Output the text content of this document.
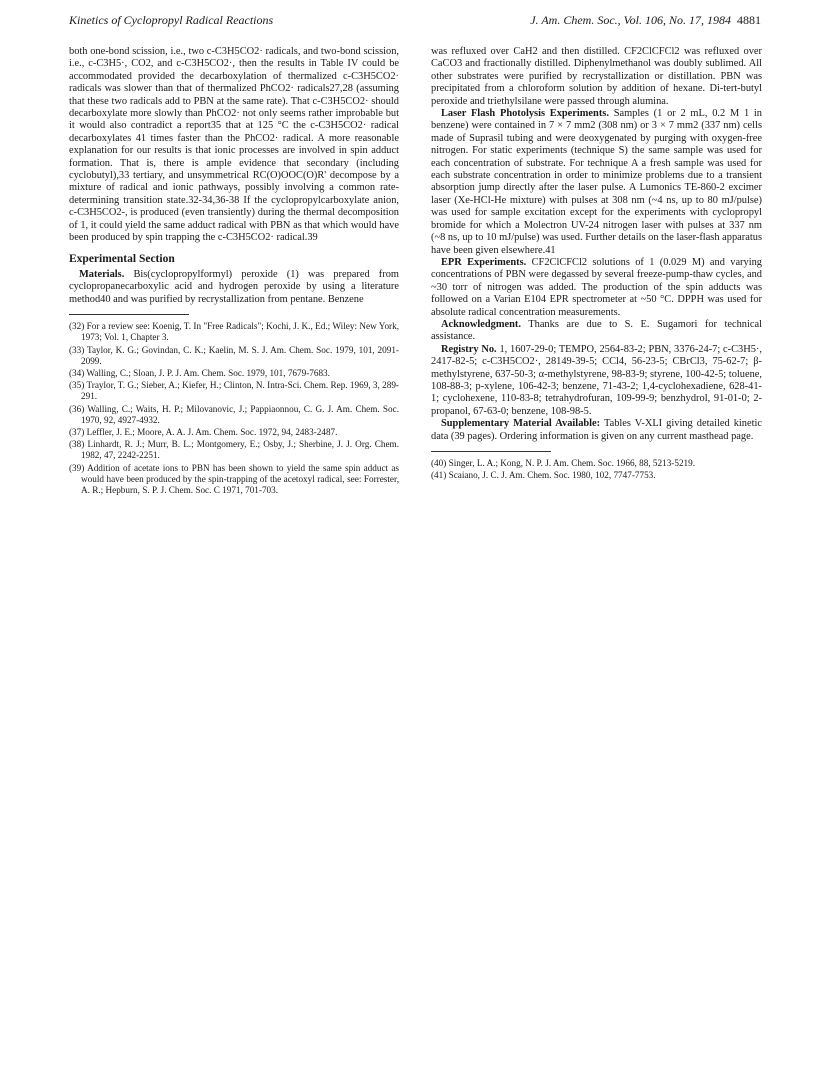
Kinetics of Cyclopropyl Radical Reactions	J. Am. Chem. Soc., Vol. 106, No. 17, 1984 4881

both one-bond scission, i.e., two c-C3H5CO2· radicals, and two-bond scission, i.e., c-C3H5·, CO2, and c-C3H5CO2·, then the results in Table IV could be accommodated provided the decarboxylation of thermalized c-C3H5CO2· radicals was slower than that of thermalized PhCO2· radicals27,28 (assuming that these two radicals add to PBN at the same rate). That c-C3H5CO2· should decarboxylate more slowly than PhCO2· not only seems rather improbable but it would also contradict a report35 that at 125 °C the c-C3H5CO2· radical decarboxylates 41 times faster than the PhCO2· radical. A more reasonable explanation for our results is that ionic processes are involved in spin adduct formation. That is, there is ample evidence that secondary (including cyclobutyl),33 tertiary, and unsymmetrical RC(O)OOC(O)R' decompose by a mixture of radical and ionic pathways, possibly involving a common rate-determining transition state.32-34,36-38 If the cyclopropylcarboxylate anion, c-C3H5CO2-, is produced (even transiently) during the thermal decomposition of 1, it could yield the same adduct radical with PBN as that which would have been produced by spin trapping the c-C3H5CO2· radical.39

Experimental Section

Materials. Bis(cyclopropylformyl) peroxide (1) was prepared from cyclopropanecarboxylic acid and hydrogen peroxide by using a literature method40 and was purified by recrystallization from pentane. Benzene

(32) For a review see: Koenig, T. In "Free Radicals"; Kochi, J. K., Ed.; Wiley: New York, 1973; Vol. 1, Chapter 3.
(33) Taylor, K. G.; Govindan, C. K.; Kaelin, M. S. J. Am. Chem. Soc. 1979, 101, 2091-2099.
(34) Walling, C.; Sloan, J. P. J. Am. Chem. Soc. 1979, 101, 7679-7683.
(35) Traylor, T. G.; Sieber, A.; Kiefer, H.; Clinton, N. Intra-Sci. Chem. Rep. 1969, 3, 289-291.
(36) Walling, C.; Waits, H. P.; Milovanovic, J.; Pappiaonnou, C. G. J. Am. Chem. Soc. 1970, 92, 4927-4932.
(37) Leffler, J. E.; Moore, A. A. J. Am. Chem. Soc. 1972, 94, 2483-2487.
(38) Linhardt, R. J.; Murr, B. L.; Montgomery, E.; Osby, J.; Sherbine, J. J. Org. Chem. 1982, 47, 2242-2251.
(39) Addition of acetate ions to PBN has been shown to yield the same spin adduct as would have been produced by the spin-trapping of the acetoxyl radical, see: Forrester, A. R.; Hepburn, S. P. J. Chem. Soc. C 1971, 701-703.

was refluxed over CaH2 and then distilled. CF2ClCFCl2 was refluxed over CaCO3 and fractionally distilled. Diphenylmethanol was doubly sublimed. All other substrates were purified by recrystallization or distillation. PBN was precipitated from a chloroform solution by addition of hexane. Di-tert-butyl peroxide and triethylsilane were passed through alumina.

Laser Flash Photolysis Experiments. Samples (1 or 2 mL, 0.2 M 1 in benzene) were contained in 7 × 7 mm2 (308 nm) or 3 × 7 mm2 (337 nm) cells made of Suprasil tubing and were deoxygenated by purging with oxygen-free nitrogen. For static experiments (technique S) the same sample was used for each concentration of substrate. For technique A a fresh sample was used for each substrate concentration in order to minimize problems due to a transient absorption jump directly after the laser pulse. A Lumonics TE-860-2 excimer laser (Xe-HCl-He mixture) with pulses at 308 nm (~4 ns, up to 80 mJ/pulse) was used for sample excitation except for the experiments with cyclopropyl bromide for which a Molectron UV-24 nitrogen laser with pulses at 337 nm (~8 ns, up to 10 mJ/pulse) was used. Further details on the laser-flash apparatus have been given elsewhere.41

EPR Experiments. CF2ClCFCl2 solutions of 1 (0.029 M) and varying concentrations of PBN were degassed by several freeze-pump-thaw cycles, and ~30 torr of nitrogen was added. The production of the spin adducts was followed on a Varian E104 EPR spectrometer at ~50 °C. DPPH was used for absolute radical concentration measurements.

Acknowledgment. Thanks are due to S. E. Sugamori for technical assistance.

Registry No. 1, 1607-29-0; TEMPO, 2564-83-2; PBN, 3376-24-7; c-C3H5·, 2417-82-5; c-C3H5CO2·, 28149-39-5; CCl4, 56-23-5; CBrCl3, 75-62-7; β-methylstyrene, 637-50-3; α-methylstyrene, 98-83-9; styrene, 100-42-5; toluene, 108-88-3; p-xylene, 106-42-3; benzene, 71-43-2; 1,4-cyclohexadiene, 628-41-1; cyclohexene, 110-83-8; tetrahydrofuran, 109-99-9; benzhydrol, 91-01-0; 2-propanol, 67-63-0; benzene, 108-98-5.

Supplementary Material Available: Tables V-XLI giving detailed kinetic data (39 pages). Ordering information is given on any current masthead page.

(40) Singer, L. A.; Kong, N. P. J. Am. Chem. Soc. 1966, 88, 5213-5219.
(41) Scaiano, J. C. J. Am. Chem. Soc. 1980, 102, 7747-7753.
